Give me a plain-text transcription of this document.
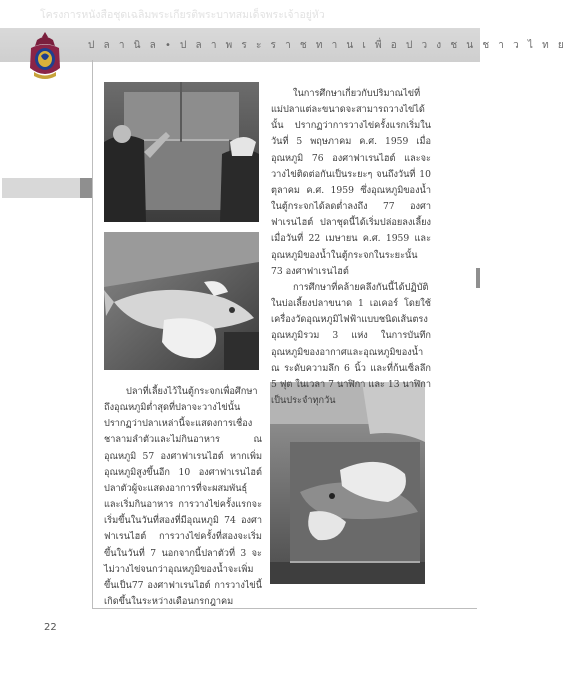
โครงการหนังสือชุดเฉลิมพระเกียรติพระบาทสมเด็จพระเจ้าอยู่หัว
ป ล า นิ ล • ป ล า พ ร ะ ร า ช ท า น เ พื่ อ ป ว ง ช น ช า ว ไ ท ย

ในการศึกษาเกี่ยวกับปริมาณไข่ที่แม่ปลาแต่ละขนาดจะสามารถวางไข่ได้นั้น ปรากฏว่าการวางไข่ครั้งแรกเริ่มในวันที่ 5 พฤษภาคม ค.ศ. 1959 เมื่ออุณหภูมิ 76 องศาฟาเรนไฮต์ และจะวางไข่ติดต่อกันเป็นระยะๆ จนถึงวันที่ 10 ตุลาคม ค.ศ. 1959 ซึ่งอุณหภูมิของน้ำในตู้กระจกได้ลดต่ำลงถึง 77 องศาฟาเรนไฮต์ ปลาชุดนี้ได้เริ่มปล่อยลงเลี้ยงเมื่อวันที่ 22 เมษายน ค.ศ. 1959 และอุณหภูมิของน้ำในตู้กระจกในระยะนั้น 73 องศาฟาเรนไฮต์

การศึกษาที่คล้ายคลึงกันนี้ได้ปฏิบัติในบ่อเลี้ยงปลาขนาด 1 เอเคอร์ โดยใช้เครื่องวัดอุณหภูมิไฟฟ้าแบบชนิดเส้นตรงอุณหภูมิรวม 3 แห่ง ในการบันทึกอุณหภูมิของอากาศและอุณหภูมิของน้ำ ณ ระดับความลึก 6 นิ้ว และที่ก้นเซ็ลลึก 5 ฟุต ในเวลา 7 นาฬิกา และ 13 นาฬิกาเป็นประจำทุกวัน

ปลาที่เลี้ยงไว้ในตู้กระจกเพื่อศึกษาถึงอุณหภูมิต่ำสุดที่ปลาจะวางไข่นั้น ปรากฏว่าปลาเหล่านี้จะแสดงการเชื่องชาลามลำตัวและไม่กินอาหาร ณ อุณหภูมิ 57 องศาฟาเรนไฮต์ หากเพิ่มอุณหภูมิสูงขึ้นอีก 10 องศาฟาเรนไฮต์ ปลาตัวผู้จะแสดงอาการที่จะผสมพันธุ์และเริ่มกินอาหาร การวางไข่ครั้งแรกจะเริ่มขึ้นในวันที่สองที่มีอุณหภูมิ 74 องศาฟาเรนไฮต์ การวางไข่ครั้งที่สองจะเริ่มขึ้นในวันที่ 7 นอกจากนี้ปลาตัวที่ 3 จะไม่วางไข่จนกว่าอุณหภูมิของน้ำจะเพิ่มขึ้นเป็น77 องศาฟาเรนไฮต์ การวางไข่นี้เกิดขึ้นในระหว่างเดือนกรกฎาคม

22
